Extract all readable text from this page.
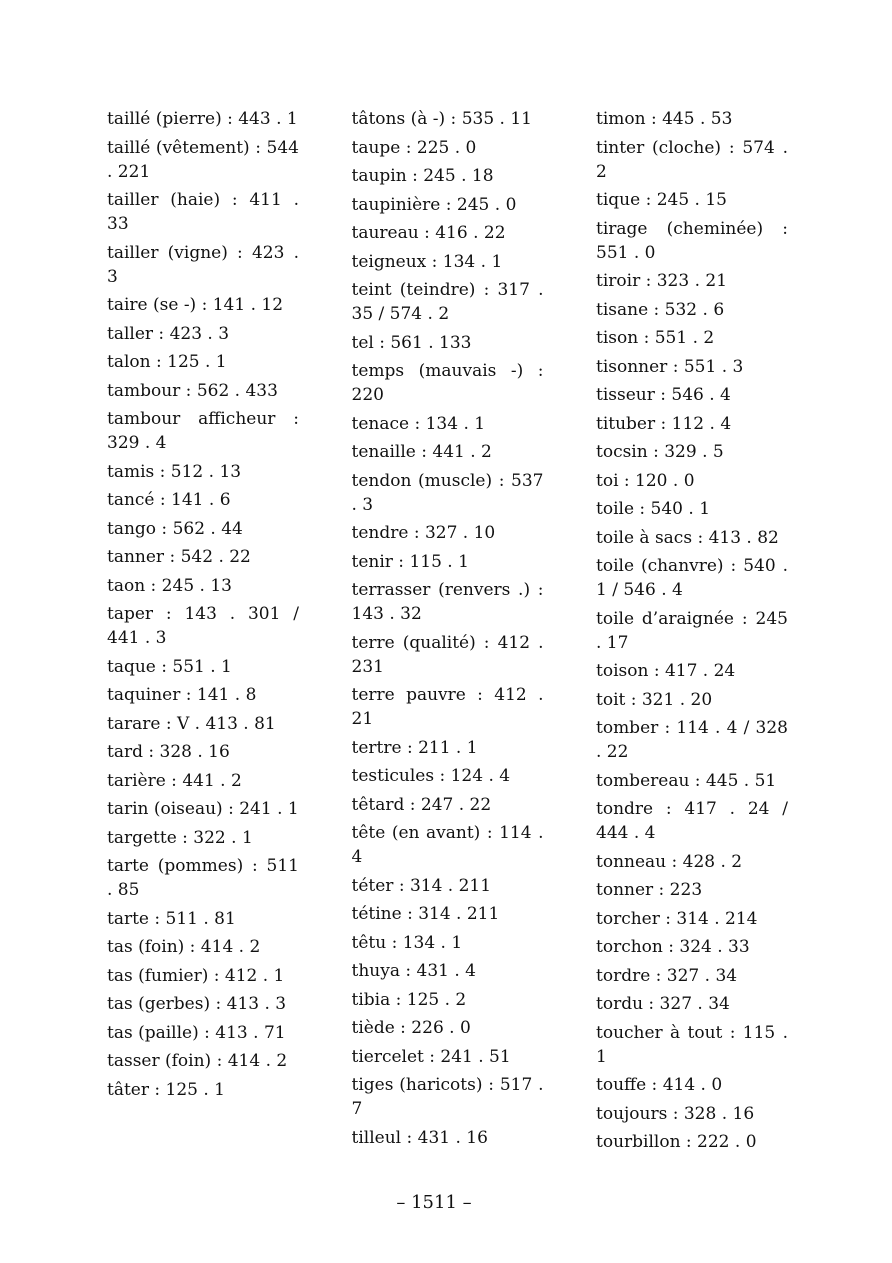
taillé (pierre) : 443 . 1
taillé (vêtement) : 544 . 221
tailler (haie) : 411 . 33
tailler (vigne) : 423 . 3
taire (se -) : 141 . 12
taller : 423 . 3
talon : 125 . 1
tambour : 562 . 433
tambour afficheur : 329 . 4
tamis : 512 . 13
tancé : 141 . 6
tango : 562 . 44
tanner : 542 . 22
taon : 245 . 13
taper : 143 . 301 / 441 . 3
taque : 551 . 1
taquiner : 141 . 8
tarare : V . 413 . 81
tard : 328 . 16
tarière : 441 . 2
tarin (oiseau) : 241 . 1
targette : 322 . 1
tarte (pommes) : 511 . 85
tarte : 511 . 81
tas (foin) : 414 . 2
tas (fumier) : 412 . 1
tas (gerbes) : 413 . 3
tas (paille) : 413 . 71
tasser (foin) : 414 . 2
tâter : 125 . 1
tâtons (à -) : 535 . 11
taupe : 225 . 0
taupin : 245 . 18
taupinière : 245 . 0
taureau : 416 . 22
teigneux : 134 . 1
teint (teindre) : 317 . 35 / 574 . 2
tel : 561 . 133
temps (mauvais -) : 220
tenace : 134 . 1
tenaille : 441 . 2
tendon (muscle) : 537 . 3
tendre : 327 . 10
tenir : 115 . 1
terrasser (renvers .) : 143 . 32
terre (qualité) : 412 . 231
terre pauvre : 412 . 21
tertre : 211 . 1
testicules : 124 . 4
têtard : 247 . 22
tête (en avant) : 114 . 4
téter : 314 . 211
tétine : 314 . 211
têtu : 134 . 1
thuya : 431 . 4
tibia : 125 . 2
tiède : 226 . 0
tiercelet : 241 . 51
tiges (haricots) : 517 . 7
tilleul : 431 . 16
timon : 445 . 53
tinter (cloche) : 574 . 2
tique : 245 . 15
tirage (cheminée) : 551 . 0
tiroir : 323 . 21
tisane : 532 . 6
tison : 551 . 2
tisonner : 551 . 3
tisseur : 546 . 4
tituber : 112 . 4
tocsin : 329 . 5
toi : 120 . 0
toile : 540 . 1
toile à sacs : 413 . 82
toile (chanvre) : 540 . 1 / 546 . 4
toile d’araignée : 245 . 17
toison : 417 . 24
toit : 321 . 20
tomber : 114 . 4 / 328 . 22
tombereau : 445 . 51
tondre : 417 . 24 / 444 . 4
tonneau : 428 . 2
tonner : 223
torcher : 314 . 214
torchon : 324 . 33
tordre : 327 . 34
tordu : 327 . 34
toucher à tout : 115 . 1
touffe : 414 . 0
toujours : 328 . 16
tourbillon : 222 . 0
– 1511 –
